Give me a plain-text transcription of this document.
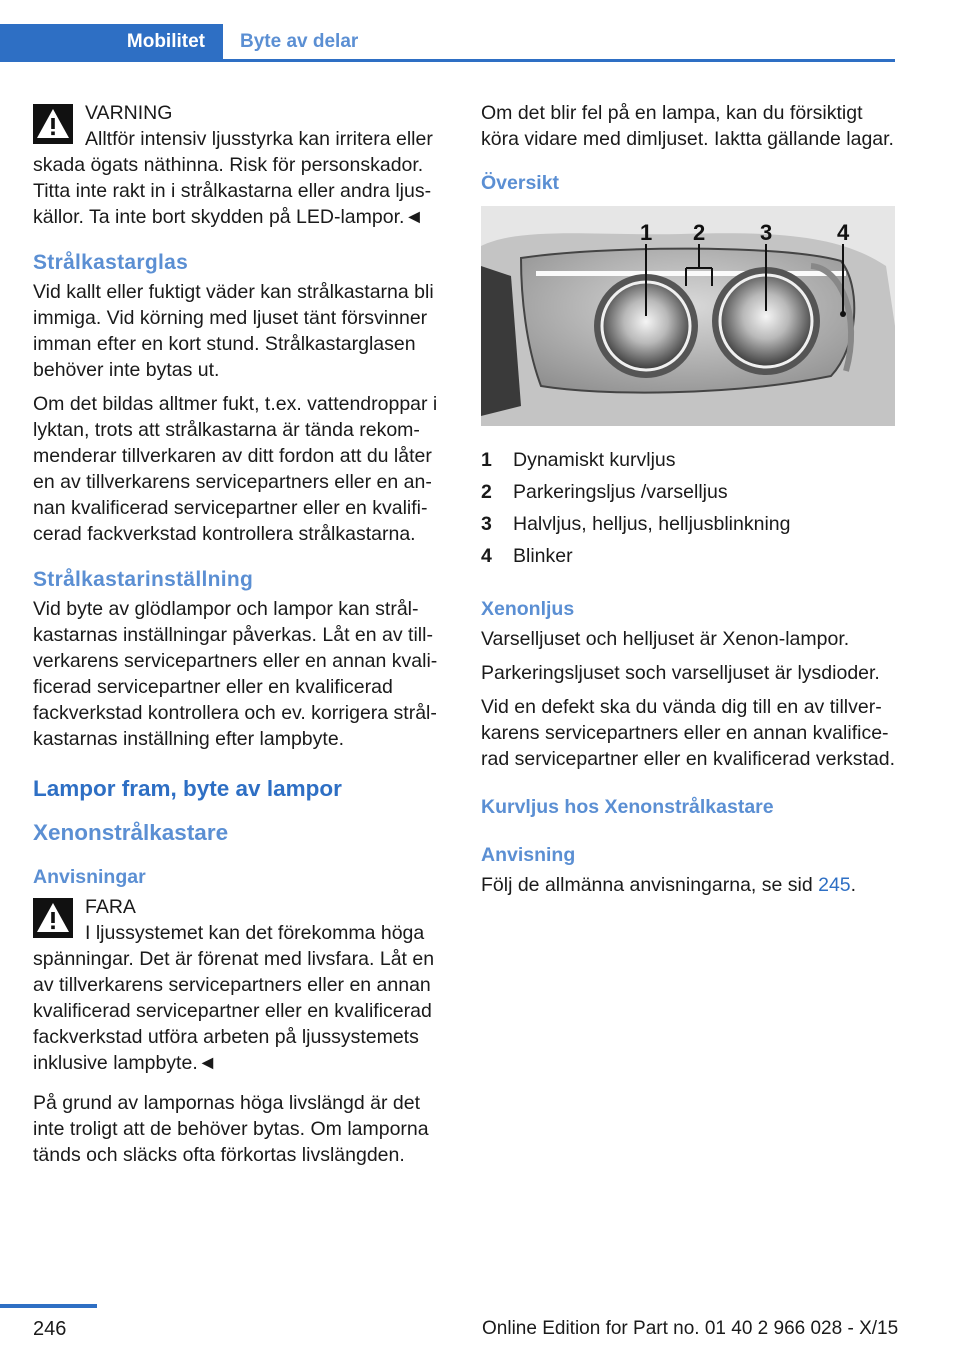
Mobilitet	Byte av delar
VARNING
Alltför intensiv ljusstyrka kan irritera eller skada ögats näthinna. Risk för personskador. Titta inte rakt in i strålkastarna eller andra ljuskällor. Ta inte bort skydden på LED-lampor.◄
Strålkastarglas

Vid kallt eller fuktigt väder kan strålkastarna bli immiga. Vid körning med ljuset tänt försvinner imman efter en kort stund. Strålkastarglasen behöver inte bytas ut.

Om det bildas alltmer fukt, t.ex. vattendroppar i lyktan, trots att strålkastarna är tända rekommenderar tillverkaren av ditt fordon att du låter en av tillverkarens servicepartners eller en annan kvalificerad servicepartner eller en kvalificerad fackverkstad kontrollera strålkastarna.

Strålkastarinställning

Vid byte av glödlampor och lampor kan strålkastarnas inställningar påverkas. Låt en av tillverkarens servicepartners eller en annan kvalificerad servicepartner eller en kvalificerad fackverkstad kontrollera och ev. korrigera strålkastarnas inställning efter lampbyte.

Lampor fram, byte av lampor
Xenonstrålkastare
Anvisningar
FARA
I ljussystemet kan det förekomma höga spänningar. Det är förenat med livsfara. Låt en av tillverkarens servicepartners eller en annan kvalificerad servicepartner eller en kvalificerad fackverkstad utföra arbeten på ljussystemets inklusive lampbyte.◄

På grund av lampornas höga livslängd är det inte troligt att de behöver bytas. Om lamporna tänds och släcks ofta förkortas livslängden.

Om det blir fel på en lampa, kan du försiktigt köra vidare med dimljuset. Iakttа gällande lagar.

Översikt
1 2 3	4
1	Dynamiskt kurvljus
2	Parkeringsljus /varselljus
3	Halvljus, helljus, helljusblinkning
4	Blinker
Xenonljus

Varselljuset och helljuset är Xenon-lampor.

Parkeringsljuset soch varselljuset är lysdioder.

Vid en defekt ska du vända dig till en av tillverkarens servicepartners eller en annan kvalificerad servicepartner eller en kvalificerad verkstad.

Kurvljus hos Xenonstrålkastare
Anvisning

Följ de allmänna anvisningarna, se sid 245.

246	Online Edition for Part no. 01 40 2 966 028 - X/15
